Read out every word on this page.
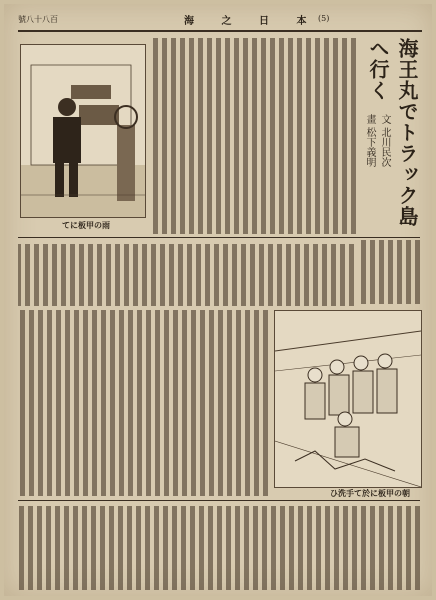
號八十八百	海 之 日 本 (5)
海王丸でトラック島へ行く
文 北川民次
畫 松下義明
てに板甲の雨
ひ洗手て於に板甲の朝
